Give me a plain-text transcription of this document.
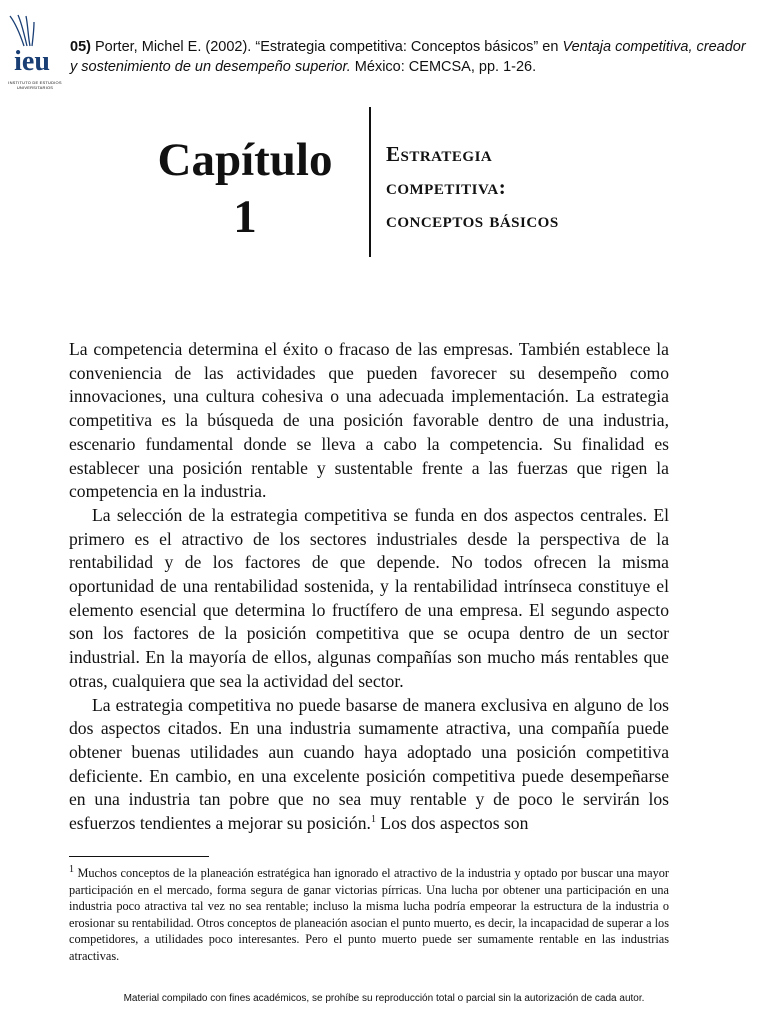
ieu
INSTITUTO DE ESTUDIOS
UNIVERSITARIOS
05) Porter, Michel E. (2002). “Estrategia competitiva: Conceptos básicos” en Ventaja competitiva, creador y sostenimiento de un desempeño superior. México: CEMCSA, pp. 1-26.
Capítulo
1
Estrategia
competitiva:
conceptos básicos

La competencia determina el éxito o fracaso de las empresas. También establece la conveniencia de las actividades que pueden favorecer su desempeño como innovaciones, una cultura cohesiva o una adecuada implementación. La estrategia competitiva es la búsqueda de una posición favorable dentro de una industria, escenario fundamental donde se lleva a cabo la competencia. Su finalidad es establecer una posición rentable y sustentable frente a las fuerzas que rigen la competencia en la industria.

La selección de la estrategia competitiva se funda en dos aspectos centrales. El primero es el atractivo de los sectores industriales desde la perspectiva de la rentabilidad y de los factores de que depende. No todos ofrecen la misma oportunidad de una rentabilidad sostenida, y la rentabilidad intrínseca constituye el elemento esencial que determina lo fructífero de una empresa. El segundo aspecto son los factores de la posición competitiva que se ocupa dentro de un sector industrial. En la mayoría de ellos, algunas compañías son mucho más rentables que otras, cualquiera que sea la actividad del sector.

La estrategia competitiva no puede basarse de manera exclusiva en alguno de los dos aspectos citados. En una industria sumamente atractiva, una compañía puede obtener buenas utilidades aun cuando haya adoptado una posición competitiva deficiente. En cambio, en una excelente posición competitiva puede desempeñarse en una industria tan pobre que no sea muy rentable y de poco le servirán los esfuerzos tendientes a mejorar su posición.$^1$ Los dos aspectos son

$^1$ Muchos conceptos de la planeación estratégica han ignorado el atractivo de la industria y optado por buscar una mayor participación en el mercado, forma segura de ganar victorias pírricas. Una lucha por obtener una participación en una industria poco atractiva tal vez no sea rentable; incluso la misma lucha podría empeorar la estructura de la industria o erosionar su rentabilidad. Otros conceptos de planeación asocian el punto muerto, es decir, la incapacidad de superar a los competidores, a utilidades poco interesantes. Pero el punto muerto puede ser sumamente rentable en las industrias atractivas.

Material compilado con fines académicos, se prohíbe su reproducción total o parcial sin la autorización de cada autor.
